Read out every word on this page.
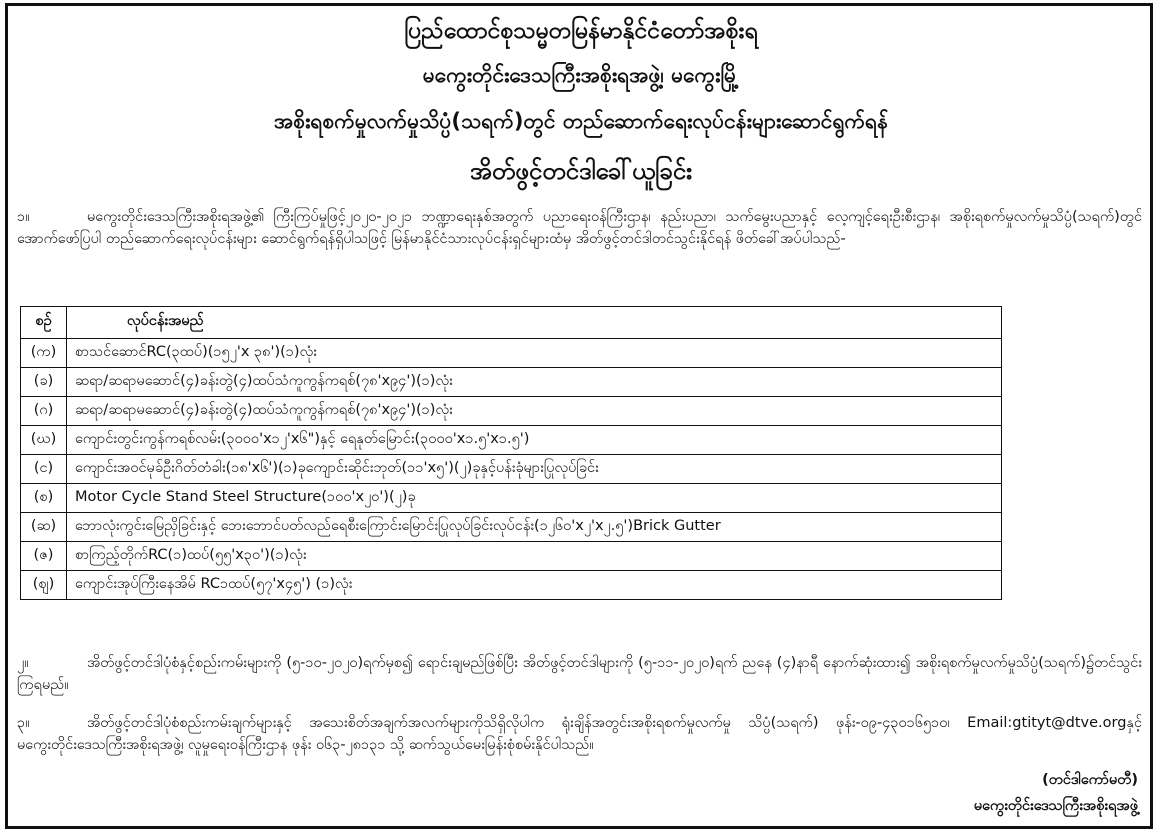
ပြည်ထောင်စုသမ္မတမြန်မာနိုင်ငံတော်အစိုးရ
မကွေးတိုင်းဒေသကြီးအစိုးရအဖွဲ့၊ မကွေးမြို့
အစိုးရစက်မှုလက်မှုသိပ္ပံ(သရက်)တွင် တည်ဆောက်ရေးလုပ်ငန်းများဆောင်ရွက်ရန်
အိတ်ဖွင့်တင်ဒါခေါ်ယူခြင်း
၁။	မကွေးတိုင်းဒေသကြီးအစိုးရအဖွဲ့၏ ကြီးကြပ်မှုဖြင့်၂၀၂၀-၂၀၂၁ ဘဏ္ဍာရေးနှစ်အတွက် ပညာရေးဝန်ကြီးဌာန၊ နည်းပညာ၊ သက်မွေးပညာနှင့် လေ့ကျင့်ရေးဦးစီးဌာန၊ အစိုးရစက်မှုလက်မှုသိပ္ပံ(သရက်)တွင် အောက်ဖော်ပြပါ တည်ဆောက်ရေးလုပ်ငန်းများ ဆောင်ရွက်ရန်ရှိပါသဖြင့် မြန်မာနိုင်ငံသားလုပ်ငန်းရှင်များထံမှ အိတ်ဖွင့်တင်ဒါတင်သွင်းနိုင်ရန် ဖိတ်ခေါ်အပ်ပါသည်-
စဉ်	လုပ်ငန်းအမည်
(က)	စာသင်ဆောင်RC(၃ထပ်)(၁၅၂'x ၃၈')(၁)လုံး
(ခ)	ဆရာ/ဆရာမဆောင်(၄)ခန်းတွဲ(၄)ထပ်သံကူကွန်ကရစ်(၇၈'x၉၄')(၁)လုံး
(ဂ)	ဆရာ/ဆရာမဆောင်(၄)ခန်းတွဲ(၄)ထပ်သံကူကွန်ကရစ်(၇၈'x၉၄')(၁)လုံး
(ဃ)	ကျောင်းတွင်းကွန်ကရစ်လမ်း(၃၀၀၀'x၁၂'x၆")နှင့် ရေနုတ်မြောင်း(၃၀၀၀'x၁.၅'x၁.၅')
(င)	ကျောင်းအဝင်မုခ်ဦးဂိတ်တံခါး(၁၈'x၆')(၁)ခုကျောင်းဆိုင်းဘုတ်(၁၁'x၅')(၂)ခုနှင့်ပန်းခုံများပြုလုပ်ခြင်း
(စ)	Motor Cycle Stand Steel Structure(၁၀၀'x၂၀')(၂)ခု
(ဆ)	ဘောလုံးကွင်းမြေညှိခြင်းနှင့် ဘေးဘောင်ပတ်လည်ရေစီးကြောင်းမြောင်းပြုလုပ်ခြင်းလုပ်ငန်း(၁၂၆၀'x၂'x၂.၅')Brick Gutter
(ဇ)	စာကြည့်တိုက်RC(၁)ထပ်(၅၅'x၃၀')(၁)လုံး
(ဈ)	ကျောင်းအုပ်ကြီးနေအိမ် RC၁ထပ်(၅၇'x၄၅') (၁)လုံး
၂။	အိတ်ဖွင့်တင်ဒါပုံစံနှင့်စည်းကမ်းများကို (၅-၁၀-၂၀၂၀)ရက်မှစ၍ ရောင်းချမည်ဖြစ်ပြီး အိတ်ဖွင့်တင်ဒါများကို (၅-၁၁-၂၀၂၀)ရက် ညနေ (၄)နာရီ နောက်ဆုံးထား၍ အစိုးရစက်မှုလက်မှုသိပ္ပံ(သရက်)၌တင်သွင်းကြရမည်။
၃။	အိတ်ဖွင့်တင်ဒါပုံစံစည်းကမ်းချက်များနှင့် အသေးစိတ်အချက်အလက်များကိုသိရှိလိုပါက ရုံးချိန်အတွင်းအစိုးရစက်မှုလက်မှု သိပ္ပံ(သရက်) ဖုန်း-၀၉-၄၃၀၁၆၅၁၀၊ Email:gtityt@dtve.orgနှင့် မကွေးတိုင်းဒေသကြီးအစိုးရအဖွဲ့၊ လူမှုရေးဝန်ကြီးဌာန ဖုန်း ၀၆၃-၂၈၁၃၁ သို့ ဆက်သွယ်မေးမြန်းစုံစမ်းနိုင်ပါသည်။
(တင်ဒါကော်မတီ)
မကွေးတိုင်းဒေသကြီးအစိုးရအဖွဲ့
